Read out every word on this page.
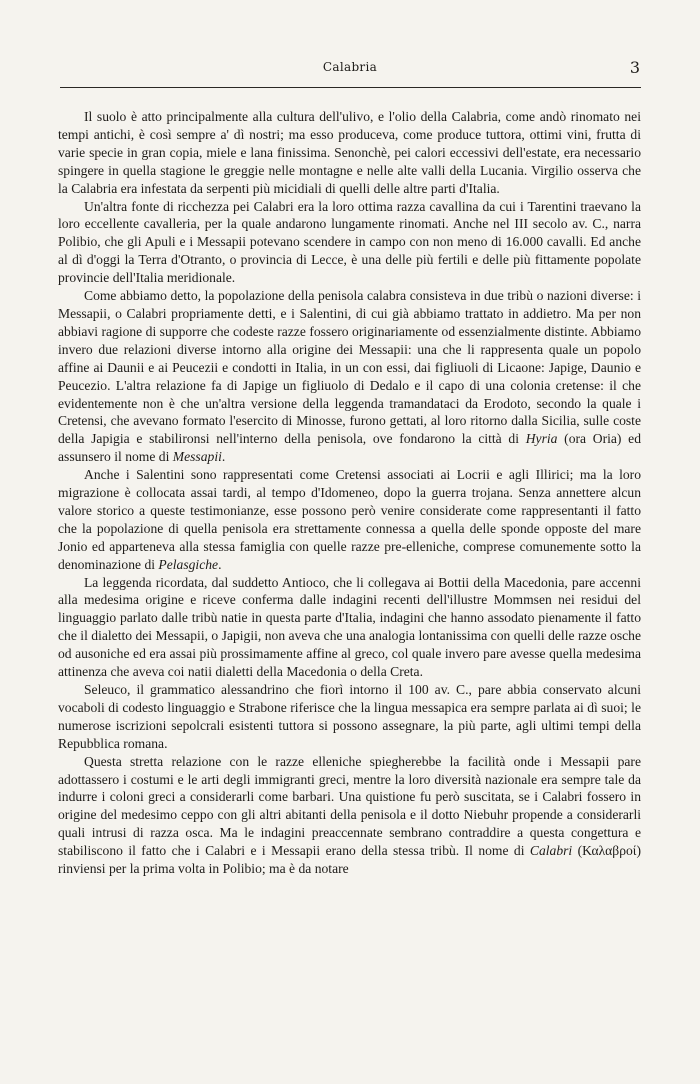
Calabria	3

Il suolo è atto principalmente alla cultura dell'ulivo, e l'olio della Calabria, come andò rinomato nei tempi antichi, è così sempre a' dì nostri; ma esso produceva, come produce tuttora, ottimi vini, frutta di varie specie in gran copia, miele e lana finissima. Senonchè, pei calori eccessivi dell'estate, era necessario spingere in quella stagione le greggie nelle montagne e nelle alte valli della Lucania. Virgilio osserva che la Calabria era infestata da serpenti più micidiali di quelli delle altre parti d'Italia.

Un'altra fonte di ricchezza pei Calabri era la loro ottima razza cavallina da cui i Tarentini traevano la loro eccellente cavalleria, per la quale andarono lungamente rinomati. Anche nel III secolo av. C., narra Polibio, che gli Apuli e i Messapii potevano scendere in campo con non meno di 16.000 cavalli. Ed anche al dì d'oggi la Terra d'Otranto, o provincia di Lecce, è una delle più fertili e delle più fittamente popolate provincie dell'Italia meridionale.

Come abbiamo detto, la popolazione della penisola calabra consisteva in due tribù o nazioni diverse: i Messapii, o Calabri propriamente detti, e i Salentini, di cui già abbiamo trattato in addietro. Ma per non abbiavi ragione di supporre che codeste razze fossero originariamente od essenzialmente distinte. Abbiamo invero due relazioni diverse intorno alla origine dei Messapii: una che li rappresenta quale un popolo affine ai Daunii e ai Peucezii e condotti in Italia, in un con essi, dai figliuoli di Licaone: Japige, Daunio e Peucezio. L'altra relazione fa di Japige un figliuolo di Dedalo e il capo di una colonia cretense: il che evidentemente non è che un'altra versione della leggenda tramandataci da Erodoto, secondo la quale i Cretensi, che avevano formato l'esercito di Minosse, furono gettati, al loro ritorno dalla Sicilia, sulle coste della Japigia e stabilironsi nell'interno della penisola, ove fondarono la città di Hyria (ora Oria) ed assunsero il nome di Messapii.

Anche i Salentini sono rappresentati come Cretensi associati ai Locrii e agli Illirici; ma la loro migrazione è collocata assai tardi, al tempo d'Idomeneo, dopo la guerra trojana. Senza annettere alcun valore storico a queste testimonianze, esse possono però venire considerate come rappresentanti il fatto che la popolazione di quella penisola era strettamente connessa a quella delle sponde opposte del mare Jonio ed apparteneva alla stessa famiglia con quelle razze pre-elleniche, comprese comunemente sotto la denominazione di Pelasgiche.

La leggenda ricordata, dal suddetto Antioco, che li collegava ai Bottii della Macedonia, pare accenni alla medesima origine e riceve conferma dalle indagini recenti dell'illustre Mommsen nei residui del linguaggio parlato dalle tribù natie in questa parte d'Italia, indagini che hanno assodato pienamente il fatto che il dialetto dei Messapii, o Japigii, non aveva che una analogia lontanissima con quelli delle razze osche od ausoniche ed era assai più prossimamente affine al greco, col quale invero pare avesse quella medesima attinenza che aveva coi natii dialetti della Macedonia o della Creta.

Seleuco, il grammatico alessandrino che fiorì intorno il 100 av. C., pare abbia conservato alcuni vocaboli di codesto linguaggio e Strabone riferisce che la lingua messapica era sempre parlata ai dì suoi; le numerose iscrizioni sepolcrali esistenti tuttora si possono assegnare, la più parte, agli ultimi tempi della Repubblica romana.

Questa stretta relazione con le razze elleniche spiegherebbe la facilità onde i Messapii pare adottassero i costumi e le arti degli immigranti greci, mentre la loro diversità nazionale era sempre tale da indurre i coloni greci a considerarli come barbari. Una quistione fu però suscitata, se i Calabri fossero in origine del medesimo ceppo con gli altri abitanti della penisola e il dotto Niebuhr propende a considerarli quali intrusi di razza osca. Ma le indagini preaccennate sembrano contraddire a questa congettura e stabiliscono il fatto che i Calabri e i Messapii erano della stessa tribù. Il nome di Calabri (Καλαβροί) rinviensi per la prima volta in Polibio; ma è da notare
